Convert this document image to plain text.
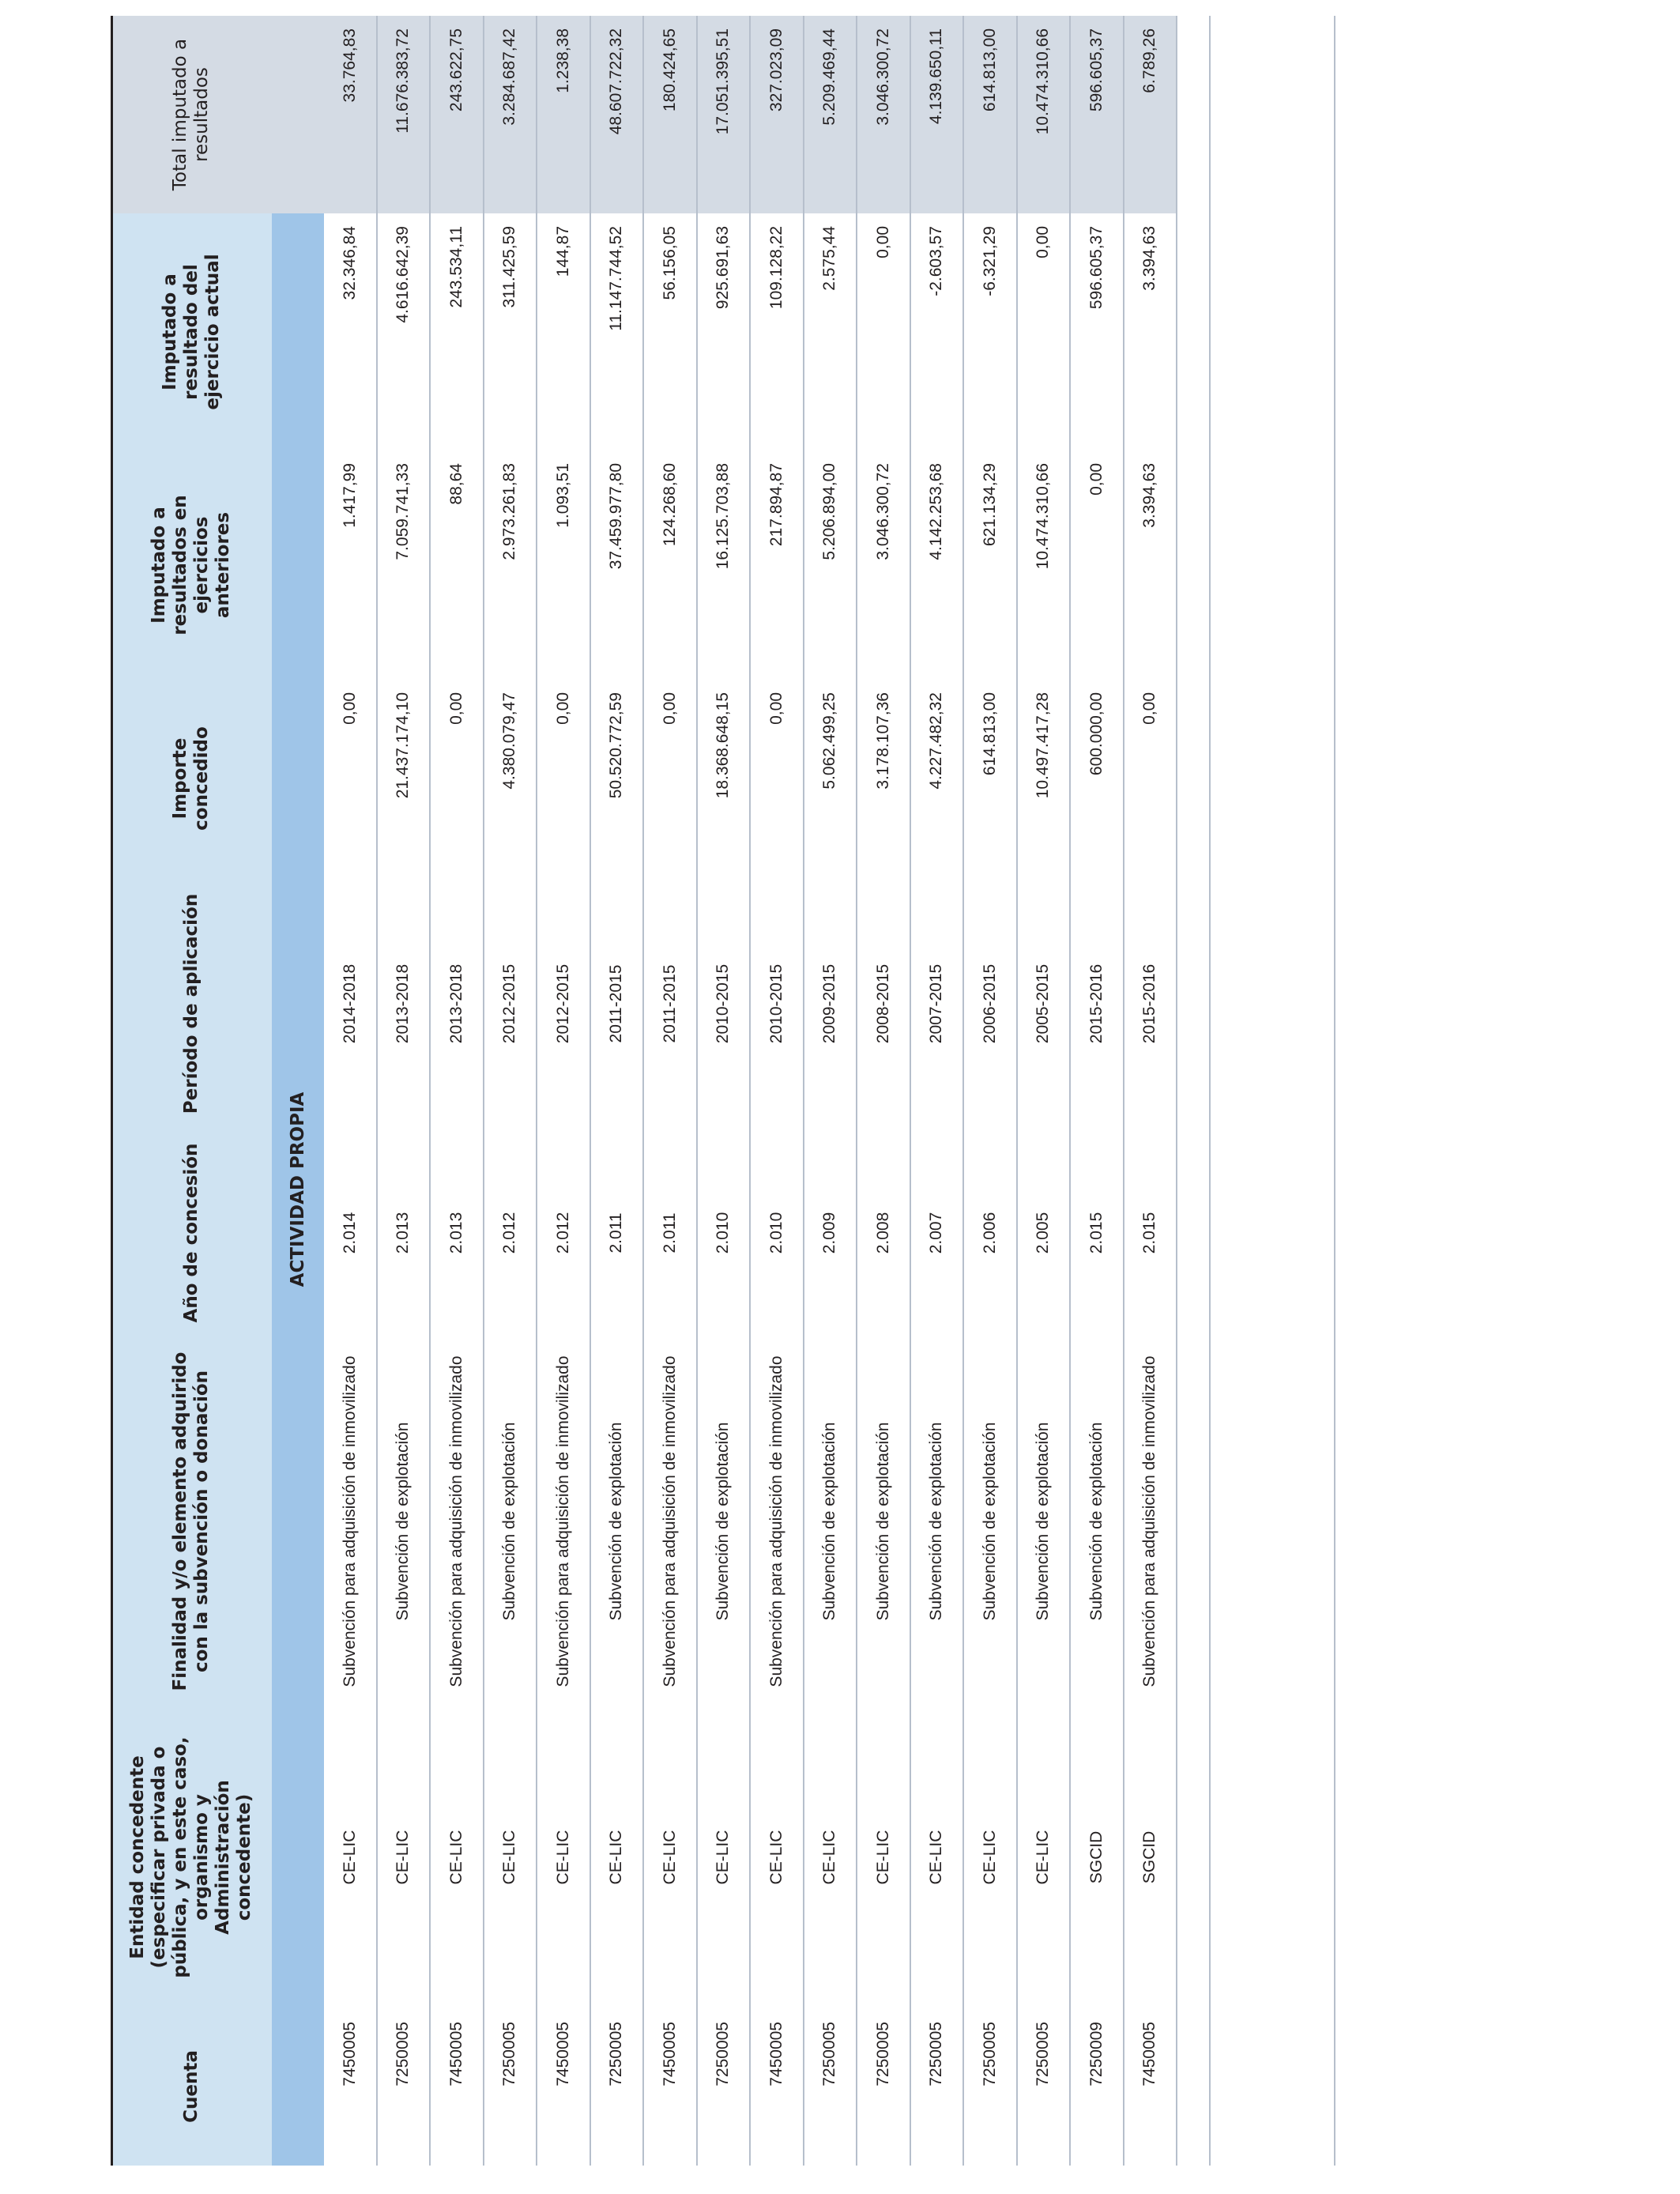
Cuenta	Entidad concedente (especificar privada o pública, y en este caso, organismo y Administración concedente)	Finalidad y/o elemento adquirido con la subvención o donación	Año de concesión	Período de aplicación	Importe concedido	Imputado a resultados en ejercicios anteriores	Imputado a resultado del ejercicio actual	Total imputado a resultados
ACTIVIDAD PROPIA								
7450005	CE-LIC	Subvención para adquisición de inmovilizado	2.014	2014-2018	0,00	1.417,99	32.346,84	33.764,83
7250005	CE-LIC	Subvención de explotación	2.013	2013-2018	21.437.174,10	7.059.741,33	4.616.642,39	11.676.383,72
7450005	CE-LIC	Subvención para adquisición de inmovilizado	2.013	2013-2018	0,00	88,64	243.534,11	243.622,75
7250005	CE-LIC	Subvención de explotación	2.012	2012-2015	4.380.079,47	2.973.261,83	311.425,59	3.284.687,42
7450005	CE-LIC	Subvención para adquisición de inmovilizado	2.012	2012-2015	0,00	1.093,51	144,87	1.238,38
7250005	CE-LIC	Subvención de explotación	2.011	2011-2015	50.520.772,59	37.459.977,80	11.147.744,52	48.607.722,32
7450005	CE-LIC	Subvención para adquisición de inmovilizado	2.011	2011-2015	0,00	124.268,60	56.156,05	180.424,65
7250005	CE-LIC	Subvención de explotación	2.010	2010-2015	18.368.648,15	16.125.703,88	925.691,63	17.051.395,51
7450005	CE-LIC	Subvención para adquisición de inmovilizado	2.010	2010-2015	0,00	217.894,87	109.128,22	327.023,09
7250005	CE-LIC	Subvención de explotación	2.009	2009-2015	5.062.499,25	5.206.894,00	2.575,44	5.209.469,44
7250005	CE-LIC	Subvención de explotación	2.008	2008-2015	3.178.107,36	3.046.300,72	0,00	3.046.300,72
7250005	CE-LIC	Subvención de explotación	2.007	2007-2015	4.227.482,32	4.142.253,68	-2.603,57	4.139.650,11
7250005	CE-LIC	Subvención de explotación	2.006	2006-2015	614.813,00	621.134,29	-6.321,29	614.813,00
7250005	CE-LIC	Subvención de explotación	2.005	2005-2015	10.497.417,28	10.474.310,66	0,00	10.474.310,66
7250009	SGCID	Subvención de explotación	2.015	2015-2016	600.000,00	0,00	596.605,37	596.605,37
7450005	SGCID	Subvención para adquisición de inmovilizado	2.015	2015-2016	0,00	3.394,63	3.394,63	6.789,26
